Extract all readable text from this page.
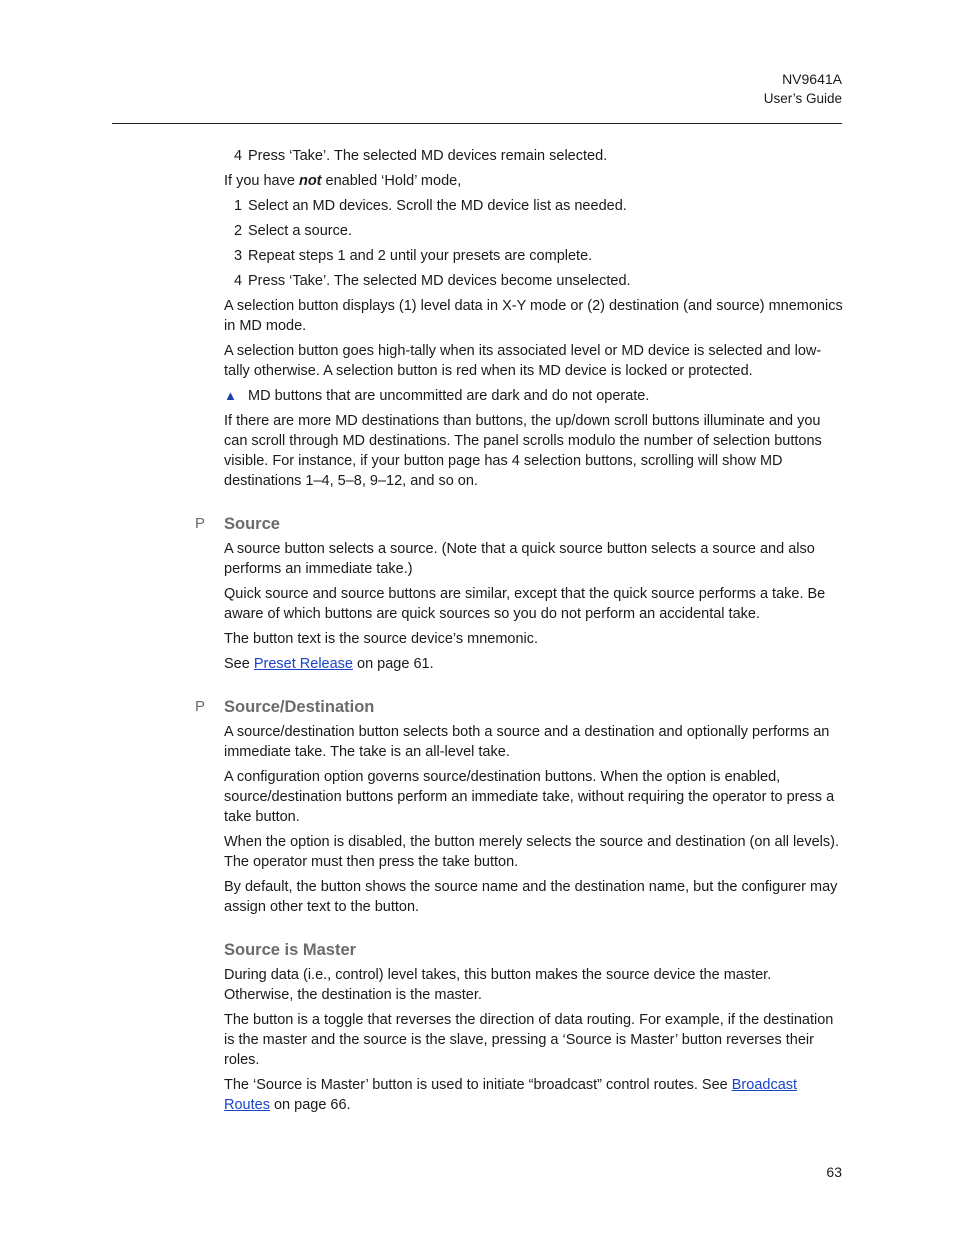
NV9641A
User’s Guide

4 Press ‘Take’. The selected MD devices remain selected.

If you have not enabled ‘Hold’ mode,

1 Select an MD devices. Scroll the MD device list as needed.

2 Select a source.

3 Repeat steps 1 and 2 until your presets are complete.

4 Press ‘Take’. The selected MD devices become unselected.

A selection button displays (1) level data in X-Y mode or (2) destination (and source) mnemonics in MD mode.

A selection button goes high-tally when its associated level or MD device is selected and low-tally otherwise. A selection button is red when its MD device is locked or protected.

▲ MD buttons that are uncommitted are dark and do not operate.

If there are more MD destinations than buttons, the up/down scroll buttons illuminate and you can scroll through MD destinations. The panel scrolls modulo the number of selection buttons visible. For instance, if your button page has 4 selection buttons, scrolling will show MD destinations 1–4, 5–8, 9–12, and so on.

P Source

A source button selects a source. (Note that a quick source button selects a source and also performs an immediate take.)

Quick source and source buttons are similar, except that the quick source performs a take. Be aware of which buttons are quick sources so you do not perform an accidental take.

The button text is the source device’s mnemonic.

See Preset Release on page 61.

P Source/Destination

A source/destination button selects both a source and a destination and optionally performs an immediate take. The take is an all-level take.

A configuration option governs source/destination buttons. When the option is enabled, source/destination buttons perform an immediate take, without requiring the operator to press a take button.

When the option is disabled, the button merely selects the source and destination (on all levels). The operator must then press the take button.

By default, the button shows the source name and the destination name, but the configurer may assign other text to the button.

Source is Master

During data (i.e., control) level takes, this button makes the source device the master. Otherwise, the destination is the master.

The button is a toggle that reverses the direction of data routing. For example, if the destination is the master and the source is the slave, pressing a ‘Source is Master’ button reverses their roles.

The ‘Source is Master’ button is used to initiate “broadcast” control routes. See Broadcast Routes on page 66.

63
